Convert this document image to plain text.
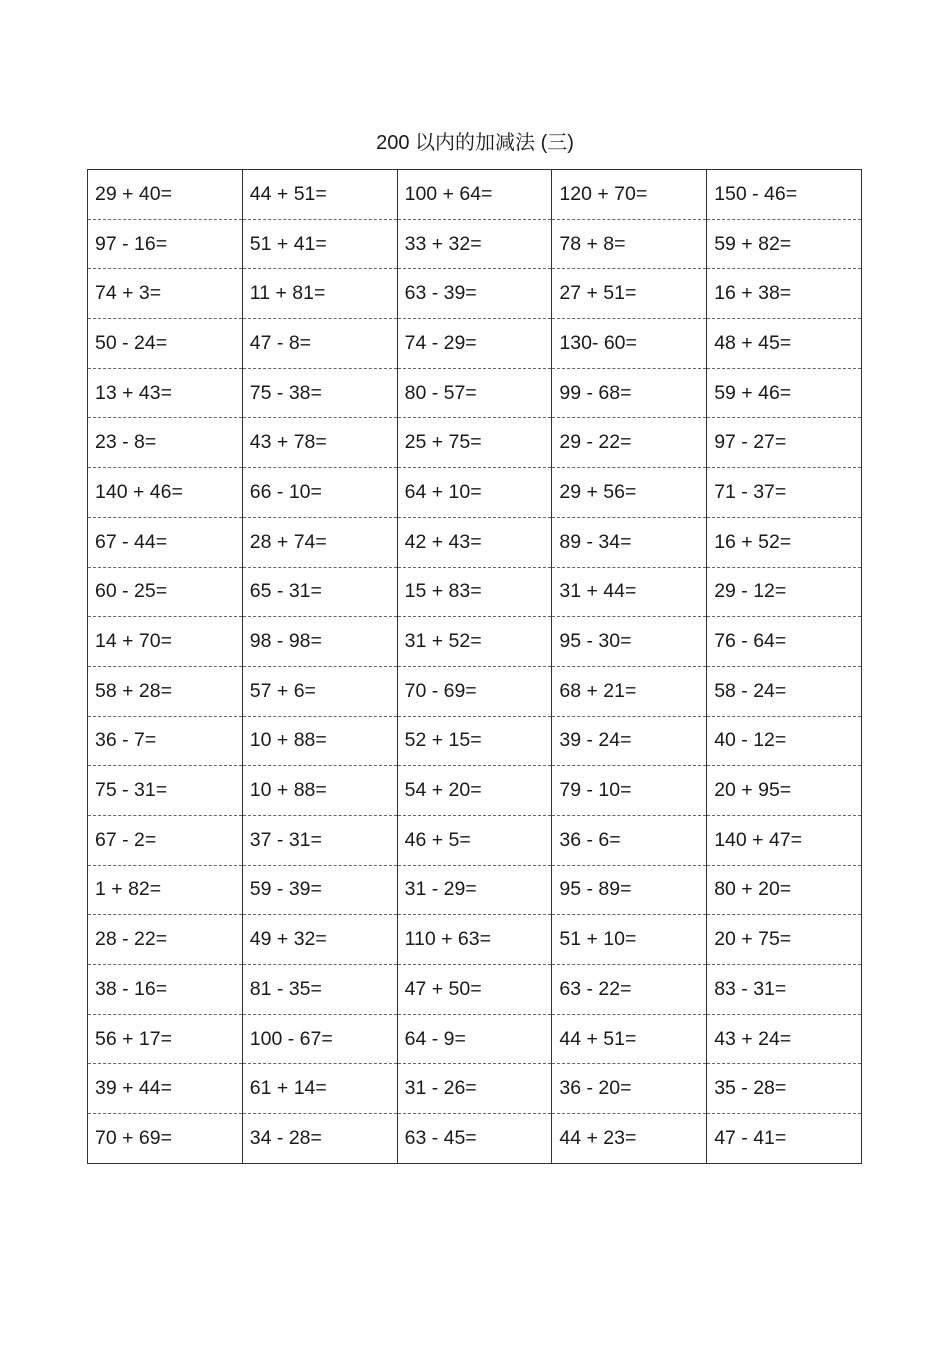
200 以内的加减法 (三)
29 + 40=	44 + 51=	100 + 64=	120 + 70=	150 - 46=
97 - 16=	51 + 41=	33 + 32=	78 + 8=	59 + 82=
74 + 3=	11 + 81=	63 - 39=	27 + 51=	16 + 38=
50 - 24=	47 - 8=	74 - 29=	130- 60=	48 + 45=
13 + 43=	75 - 38=	80 - 57=	99 - 68=	59 + 46=
23 - 8=	43 + 78=	25 + 75=	29 - 22=	97 - 27=
140 + 46=	66 - 10=	64 + 10=	29 + 56=	71 - 37=
67 - 44=	28 + 74=	42 + 43=	89 - 34=	16 + 52=
60 - 25=	65 - 31=	15 + 83=	31 + 44=	29 - 12=
14 + 70=	98 - 98=	31 + 52=	95 - 30=	76 - 64=
58 + 28=	57 + 6=	70 - 69=	68 + 21=	58 - 24=
36 - 7=	10 + 88=	52 + 15=	39 - 24=	40 - 12=
75 - 31=	10 + 88=	54 + 20=	79 - 10=	20 + 95=
67 - 2=	37 - 31=	46 + 5=	36 - 6=	140 + 47=
1 + 82=	59 - 39=	31 - 29=	95 - 89=	80 + 20=
28 - 22=	49 + 32=	110 + 63=	51 + 10=	20 + 75=
38 - 16=	81 - 35=	47 + 50=	63 - 22=	83 - 31=
56 + 17=	100 - 67=	64 - 9=	44 + 51=	43 + 24=
39 + 44=	61 + 14=	31 - 26=	36 - 20=	35 - 28=
70 + 69=	34 - 28=	63 - 45=	44 + 23=	47 - 41=
